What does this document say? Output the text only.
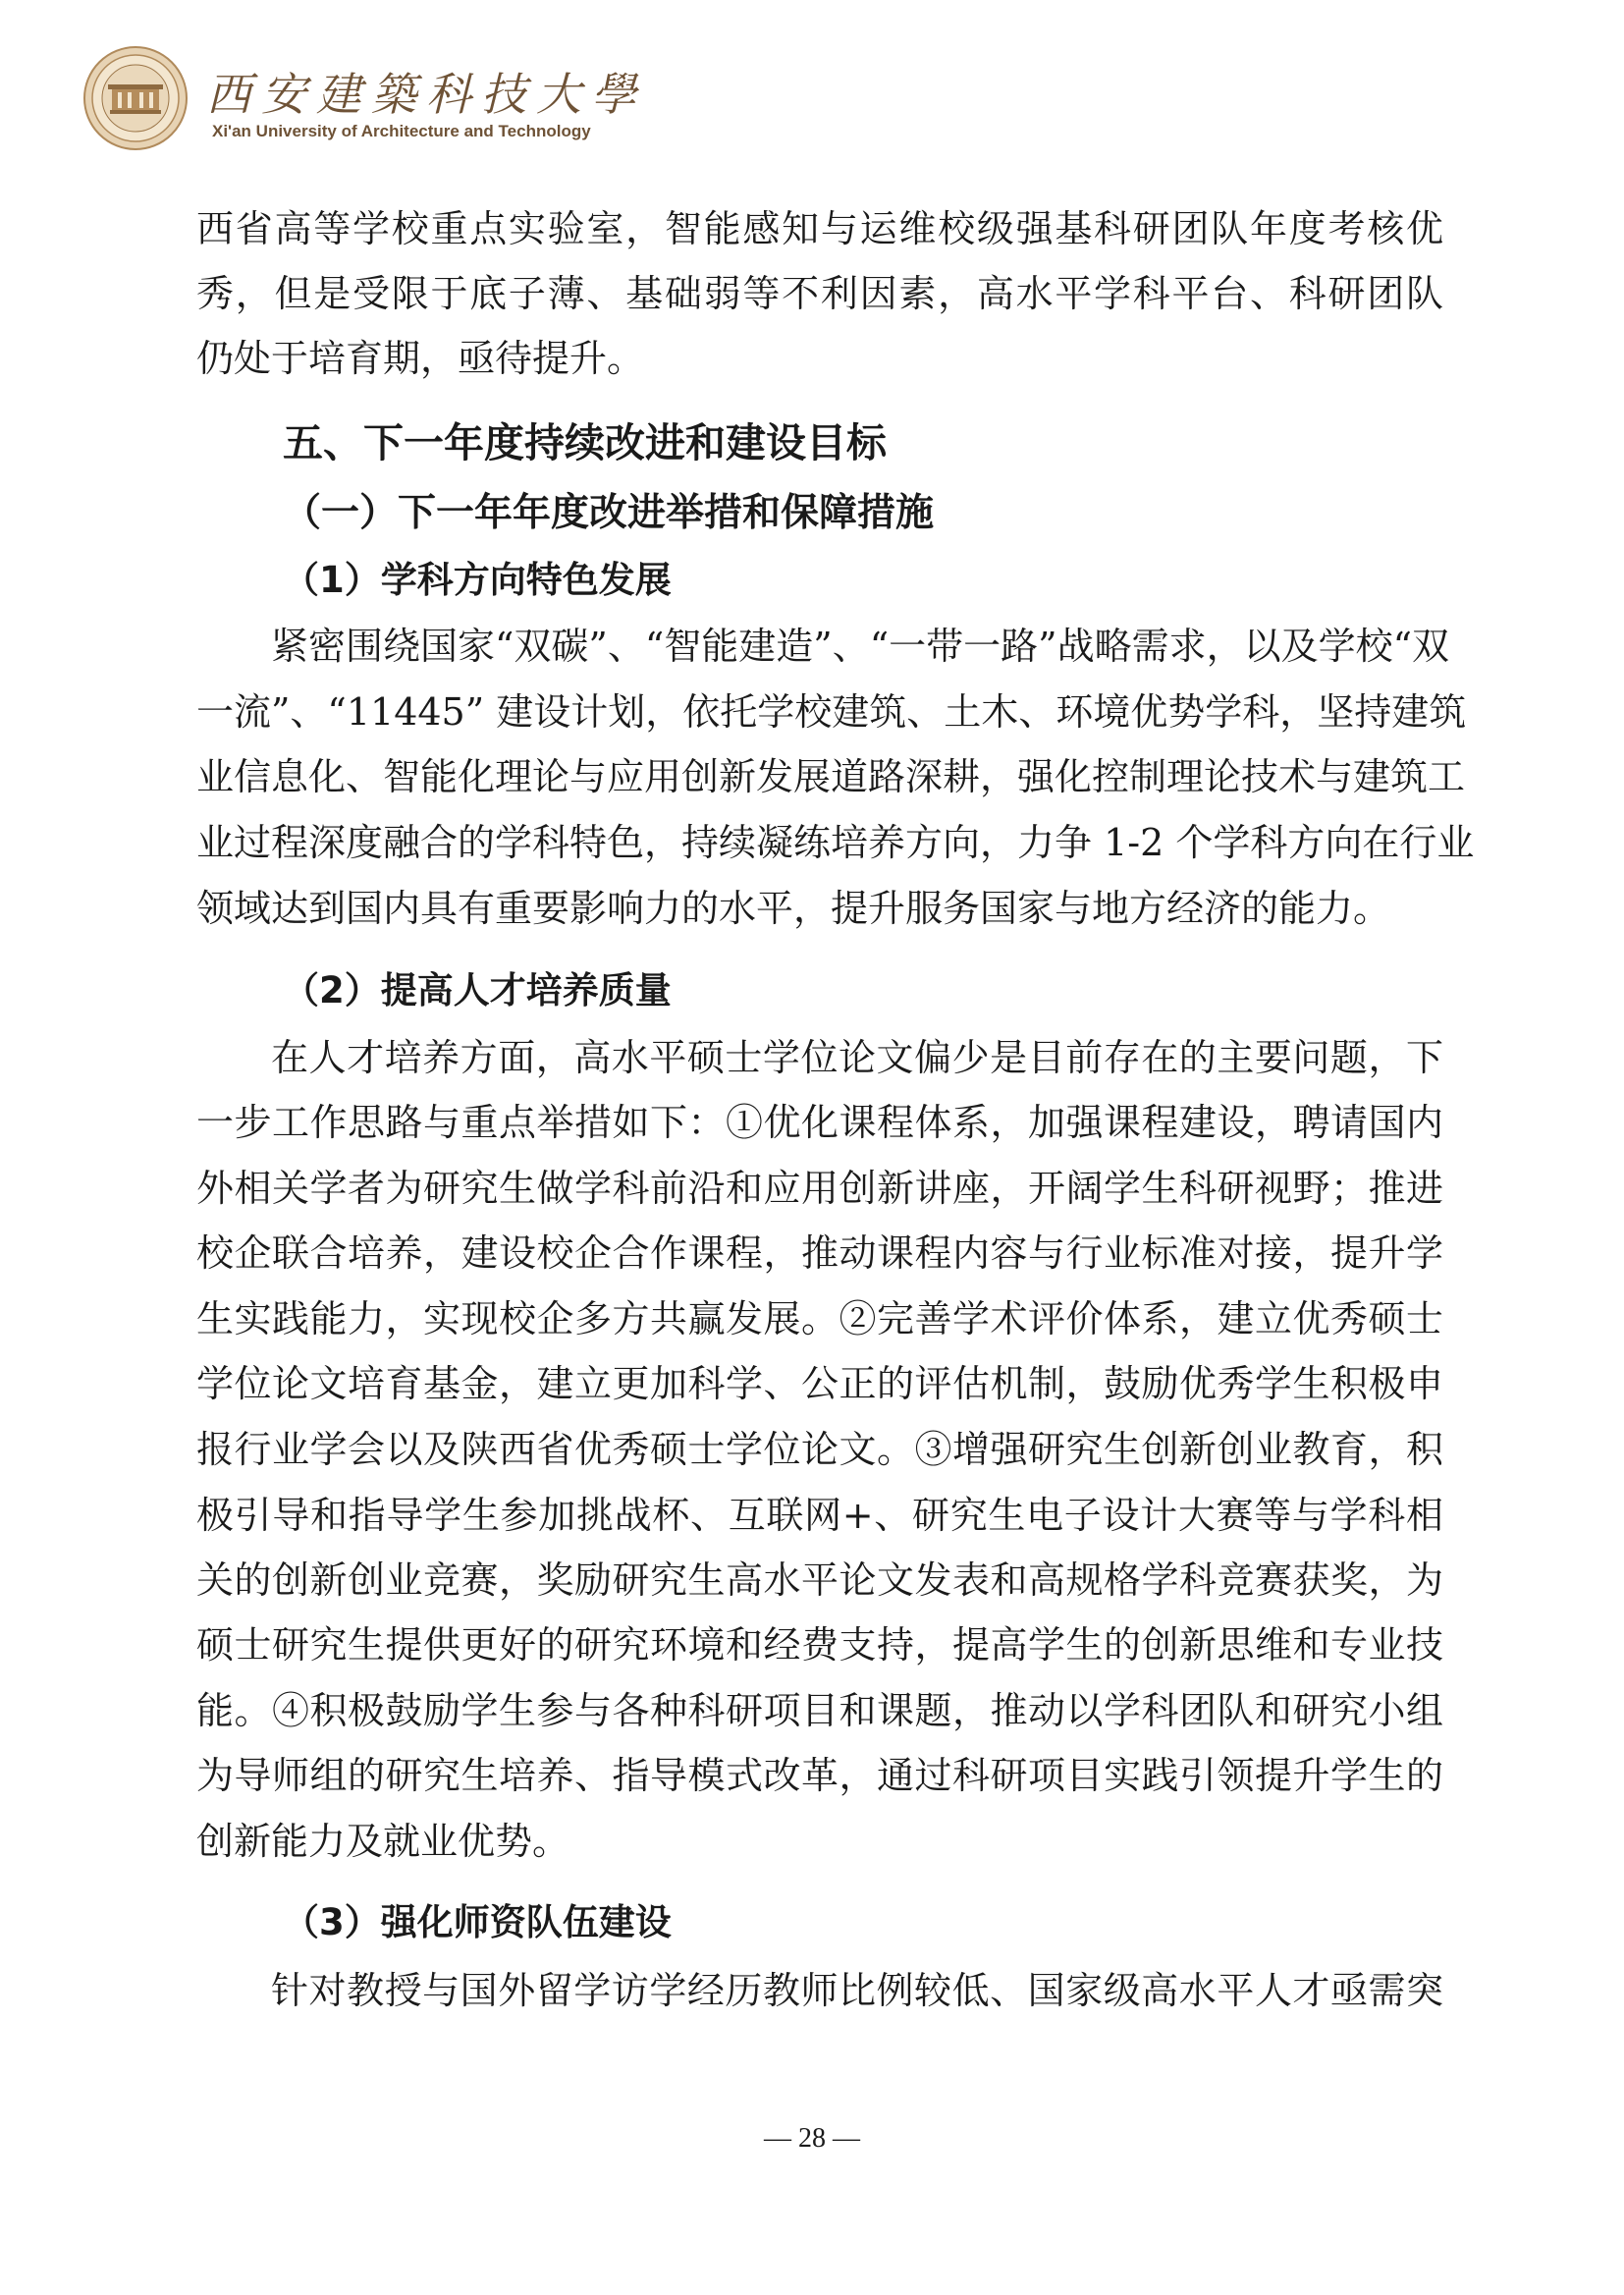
西安建築科技大學
Xi'an University of Architecture and Technology
西省高等学校重点实验室，智能感知与运维校级强基科研团队年度考核优
秀，但是受限于底子薄、基础弱等不利因素，高水平学科平台、科研团队
仍处于培育期，亟待提升。
五、下一年度持续改进和建设目标
（一）下一年年度改进举措和保障措施
（1）学科方向特色发展
紧密围绕国家“双碳”、“智能建造”、“一带一路”战略需求，以及学校“双
一流”、“11445” 建设计划，依托学校建筑、土木、环境优势学科，坚持建筑
业信息化、智能化理论与应用创新发展道路深耕，强化控制理论技术与建筑工
业过程深度融合的学科特色，持续凝练培养方向，力争 1-2 个学科方向在行业
领域达到国内具有重要影响力的水平，提升服务国家与地方经济的能力。
（2）提高人才培养质量
在人才培养方面，高水平硕士学位论文偏少是目前存在的主要问题，下
一步工作思路与重点举措如下：①优化课程体系，加强课程建设，聘请国内
外相关学者为研究生做学科前沿和应用创新讲座，开阔学生科研视野；推进
校企联合培养，建设校企合作课程，推动课程内容与行业标准对接，提升学
生实践能力，实现校企多方共赢发展。②完善学术评价体系，建立优秀硕士
学位论文培育基金，建立更加科学、公正的评估机制，鼓励优秀学生积极申
报行业学会以及陕西省优秀硕士学位论文。③增强研究生创新创业教育，积
极引导和指导学生参加挑战杯、互联网+、研究生电子设计大赛等与学科相
关的创新创业竞赛，奖励研究生高水平论文发表和高规格学科竞赛获奖，为
硕士研究生提供更好的研究环境和经费支持，提高学生的创新思维和专业技
能。④积极鼓励学生参与各种科研项目和课题，推动以学科团队和研究小组
为导师组的研究生培养、指导模式改革，通过科研项目实践引领提升学生的
创新能力及就业优势。
（3）强化师资队伍建设
针对教授与国外留学访学经历教师比例较低、国家级高水平人才亟需突
— 28 —
